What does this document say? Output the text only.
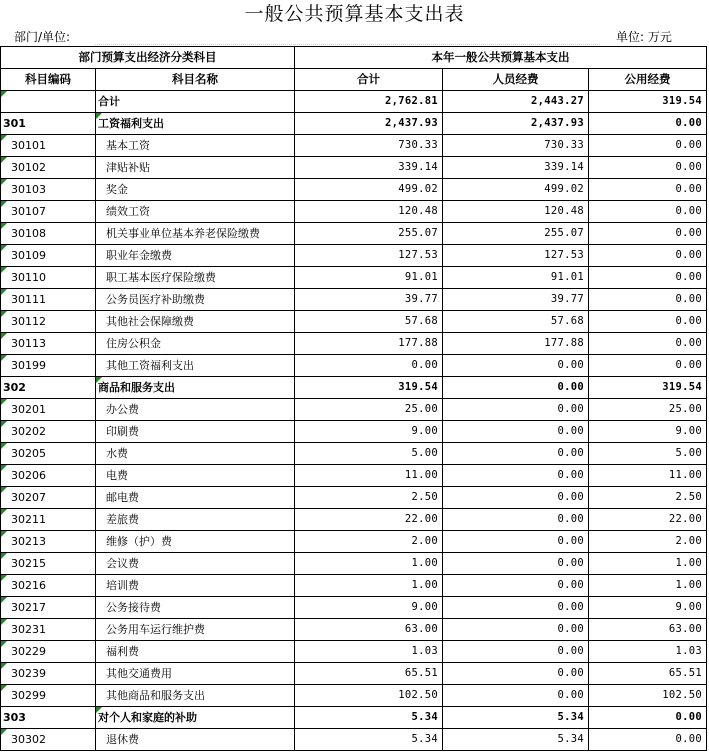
一般公共预算基本支出表
部门/单位:	单位: 万元
部门预算支出经济分类科目		本年一般公共预算基本支出		
科目编码	科目名称	合计	人员经费	公用经费
	合计	2,762.81	2,443.27	319.54
301	工资福利支出	2,437.93	2,437.93	0.00
30101	基本工资	730.33	730.33	0.00
30102	津贴补贴	339.14	339.14	0.00
30103	奖金	499.02	499.02	0.00
30107	绩效工资	120.48	120.48	0.00
30108	机关事业单位基本养老保险缴费	255.07	255.07	0.00
30109	职业年金缴费	127.53	127.53	0.00
30110	职工基本医疗保险缴费	91.01	91.01	0.00
30111	公务员医疗补助缴费	39.77	39.77	0.00
30112	其他社会保障缴费	57.68	57.68	0.00
30113	住房公积金	177.88	177.88	0.00
30199	其他工资福利支出	0.00	0.00	0.00
302	商品和服务支出	319.54	0.00	319.54
30201	办公费	25.00	0.00	25.00
30202	印刷费	9.00	0.00	9.00
30205	水费	5.00	0.00	5.00
30206	电费	11.00	0.00	11.00
30207	邮电费	2.50	0.00	2.50
30211	差旅费	22.00	0.00	22.00
30213	维修（护）费	2.00	0.00	2.00
30215	会议费	1.00	0.00	1.00
30216	培训费	1.00	0.00	1.00
30217	公务接待费	9.00	0.00	9.00
30231	公务用车运行维护费	63.00	0.00	63.00
30229	福利费	1.03	0.00	1.03
30239	其他交通费用	65.51	0.00	65.51
30299	其他商品和服务支出	102.50	0.00	102.50
303	对个人和家庭的补助	5.34	5.34	0.00
30302	退休费	5.34	5.34	0.00
